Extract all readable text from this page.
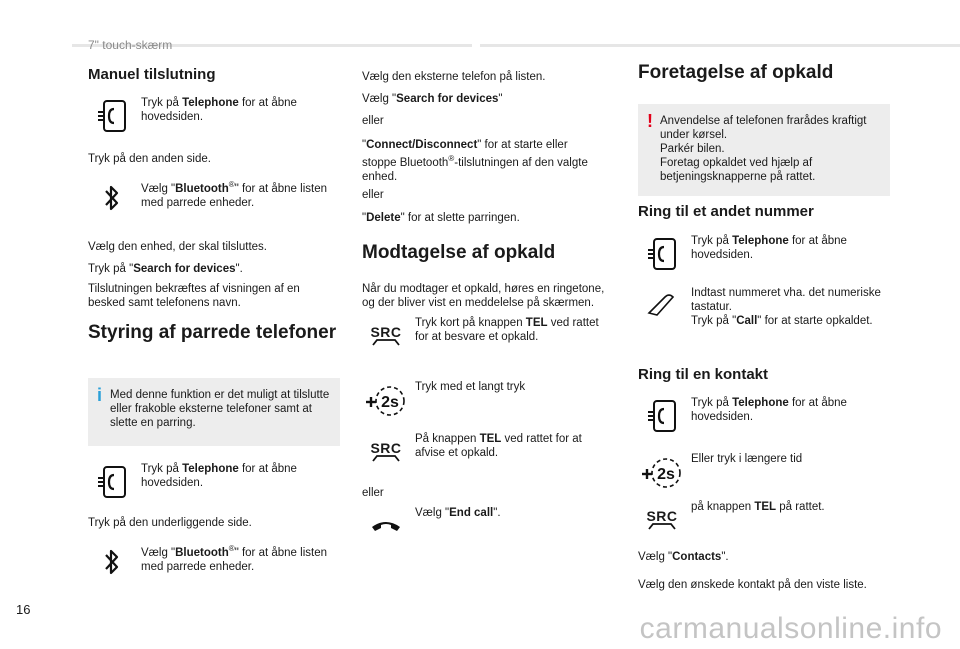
7" touch-skærm
Manuel tilslutning
Tryk på Telephone for at åbne hovedsiden.
Tryk på den anden side.
Vælg "Bluetooth®" for at åbne listen med parrede enheder.
Vælg den enhed, der skal tilsluttes.
Tryk på "Search for devices".
Tilslutningen bekræftes af visningen af en besked samt telefonens navn.
Styring af parrede telefoner
i Med denne funktion er det muligt at tilslutte eller frakoble eksterne telefoner samt at slette en parring.
Tryk på Telephone for at åbne hovedsiden.
Tryk på den underliggende side.
Vælg "Bluetooth®" for at åbne listen med parrede enheder.
Vælg den eksterne telefon på listen.
Vælg "Search for devices"
eller
"Connect/Disconnect" for at starte eller stoppe Bluetooth®-tilslutningen af den valgte enhed.
eller
"Delete" for at slette parringen.
Modtagelse af opkald
Når du modtager et opkald, høres en ringetone, og der bliver vist en meddelelse på skærmen.
SRC
Tryk kort på knappen TEL ved rattet for at besvare et opkald.
2s
Tryk med et langt tryk
SRC
På knappen TEL ved rattet for at afvise et opkald.
eller
Vælg "End call".
Foretagelse af opkald
! Anvendelse af telefonen frarådes kraftigt under kørsel.
Parkér bilen.
Foretag opkaldet ved hjælp af betjeningsknapperne på rattet.
Ring til et andet nummer
Tryk på Telephone for at åbne hovedsiden.
Indtast nummeret vha. det numeriske tastatur.
Tryk på "Call" for at starte opkaldet.
Ring til en kontakt
Tryk på Telephone for at åbne hovedsiden.
2s
Eller tryk i længere tid
SRC
på knappen TEL på rattet.
Vælg "Contacts".
Vælg den ønskede kontakt på den viste liste.
16
carmanualsonline.info
